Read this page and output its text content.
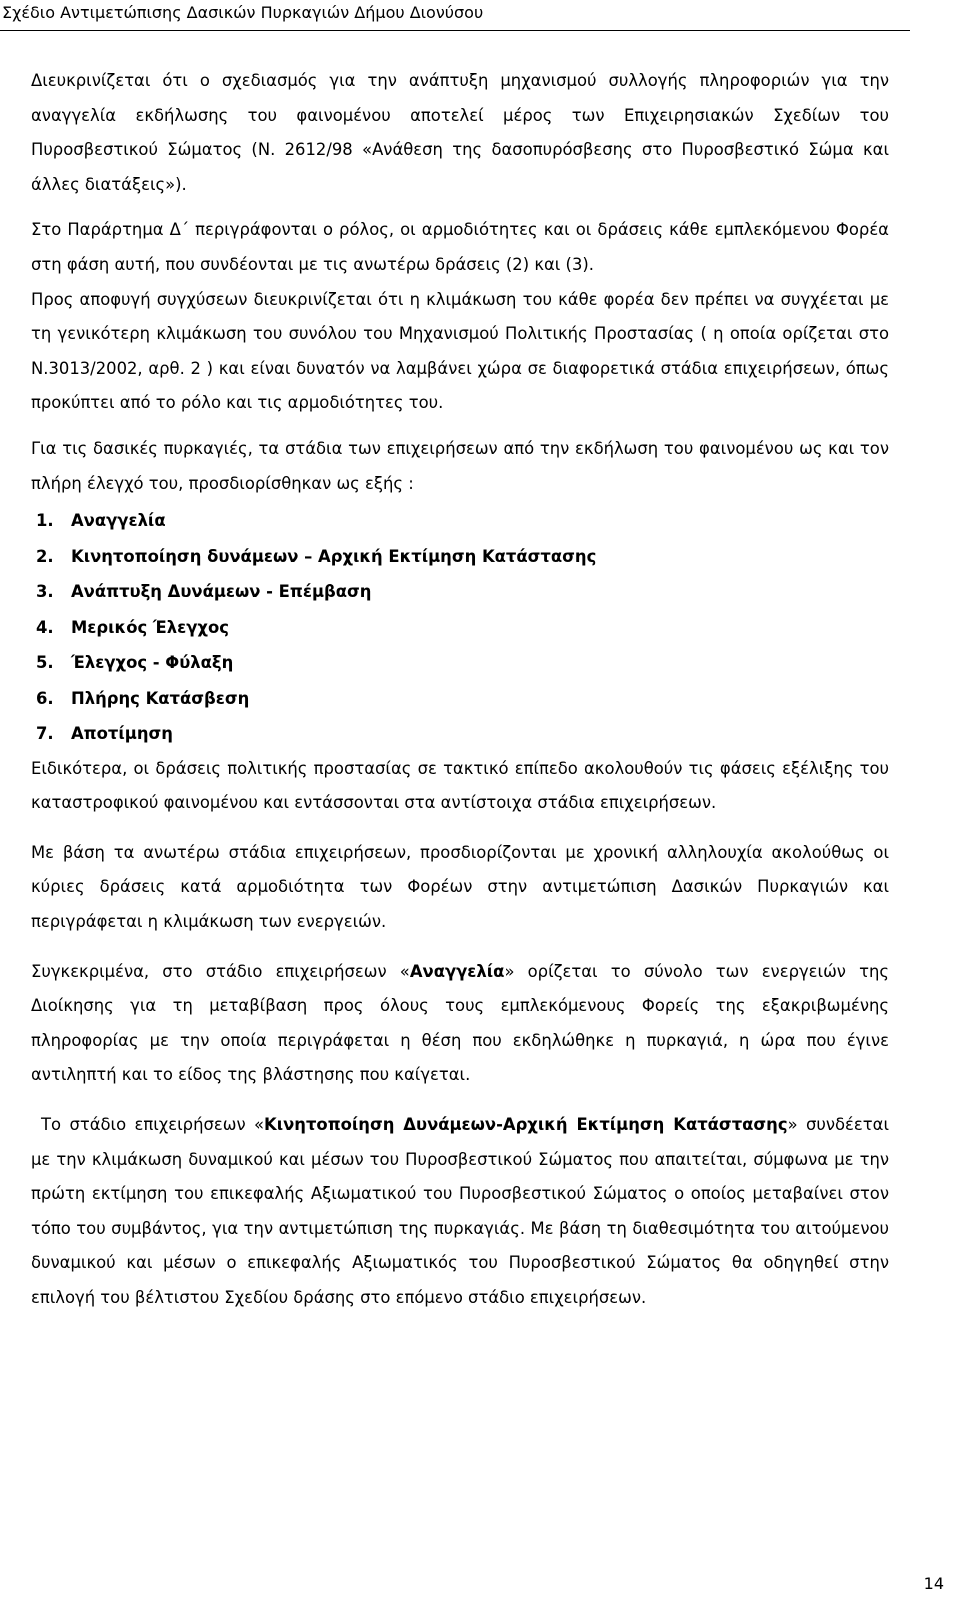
Σχέδιο Αντιμετώπισης Δασικών Πυρκαγιών Δήμου Διονύσου

Διευκρινίζεται ότι ο σχεδιασμός για την ανάπτυξη μηχανισμού συλλογής πληροφοριών για την αναγγελία εκδήλωσης του φαινομένου αποτελεί μέρος των Επιχειρησιακών Σχεδίων του Πυροσβεστικού Σώματος (Ν. 2612/98 «Ανάθεση της δασοπυρόσβεσης στο Πυροσβεστικό Σώμα και άλλες διατάξεις»).

Στο Παράρτημα Δ΄ περιγράφονται ο ρόλος, οι αρμοδιότητες και οι δράσεις κάθε εμπλεκόμενου Φορέα στη φάση αυτή, που συνδέονται με τις ανωτέρω δράσεις (2) και (3).

Προς αποφυγή συγχύσεων διευκρινίζεται ότι η κλιμάκωση του κάθε φορέα δεν πρέπει να συγχέεται με τη γενικότερη κλιμάκωση του συνόλου του Μηχανισμού Πολιτικής Προστασίας ( η οποία ορίζεται στο Ν.3013/2002, αρθ. 2 ) και είναι δυνατόν να λαμβάνει χώρα σε διαφορετικά στάδια επιχειρήσεων, όπως προκύπτει από το ρόλο και τις αρμοδιότητες του.

Για τις δασικές πυρκαγιές, τα στάδια των επιχειρήσεων από την εκδήλωση του φαινομένου ως και τον πλήρη έλεγχό του, προσδιορίσθηκαν ως εξής :

1. Αναγγελία
2. Κινητοποίηση δυνάμεων – Αρχική Εκτίμηση Κατάστασης
3. Ανάπτυξη Δυνάμεων - Επέμβαση
4. Μερικός Έλεγχος
5. Έλεγχος - Φύλαξη
6. Πλήρης Κατάσβεση
7. Αποτίμηση

Ειδικότερα, οι δράσεις πολιτικής προστασίας σε τακτικό επίπεδο ακολουθούν τις φάσεις εξέλιξης του καταστροφικού φαινομένου και εντάσσονται στα αντίστοιχα στάδια επιχειρήσεων.

Με βάση τα ανωτέρω στάδια επιχειρήσεων, προσδιορίζονται με χρονική αλληλουχία ακολούθως οι κύριες δράσεις κατά αρμοδιότητα των Φορέων στην αντιμετώπιση Δασικών Πυρκαγιών και περιγράφεται η κλιμάκωση των ενεργειών.

Συγκεκριμένα, στο στάδιο επιχειρήσεων «Αναγγελία» ορίζεται το σύνολο των ενεργειών της Διοίκησης για τη μεταβίβαση προς όλους τους εμπλεκόμενους Φορείς της εξακριβωμένης πληροφορίας με την οποία περιγράφεται η θέση που εκδηλώθηκε η πυρκαγιά, η ώρα που έγινε αντιληπτή και το είδος της βλάστησης που καίγεται.

Το στάδιο επιχειρήσεων «Κινητοποίηση Δυνάμεων-Αρχική Εκτίμηση Κατάστασης» συνδέεται με την κλιμάκωση δυναμικού και μέσων του Πυροσβεστικού Σώματος που απαιτείται, σύμφωνα με την πρώτη εκτίμηση του επικεφαλής Αξιωματικού του Πυροσβεστικού Σώματος ο οποίος μεταβαίνει στον τόπο του συμβάντος, για την αντιμετώπιση της πυρκαγιάς. Με βάση τη διαθεσιμότητα του αιτούμενου δυναμικού και μέσων ο επικεφαλής Αξιωματικός του Πυροσβεστικού Σώματος θα οδηγηθεί στην επιλογή του βέλτιστου Σχεδίου δράσης στο επόμενο στάδιο επιχειρήσεων.

14
